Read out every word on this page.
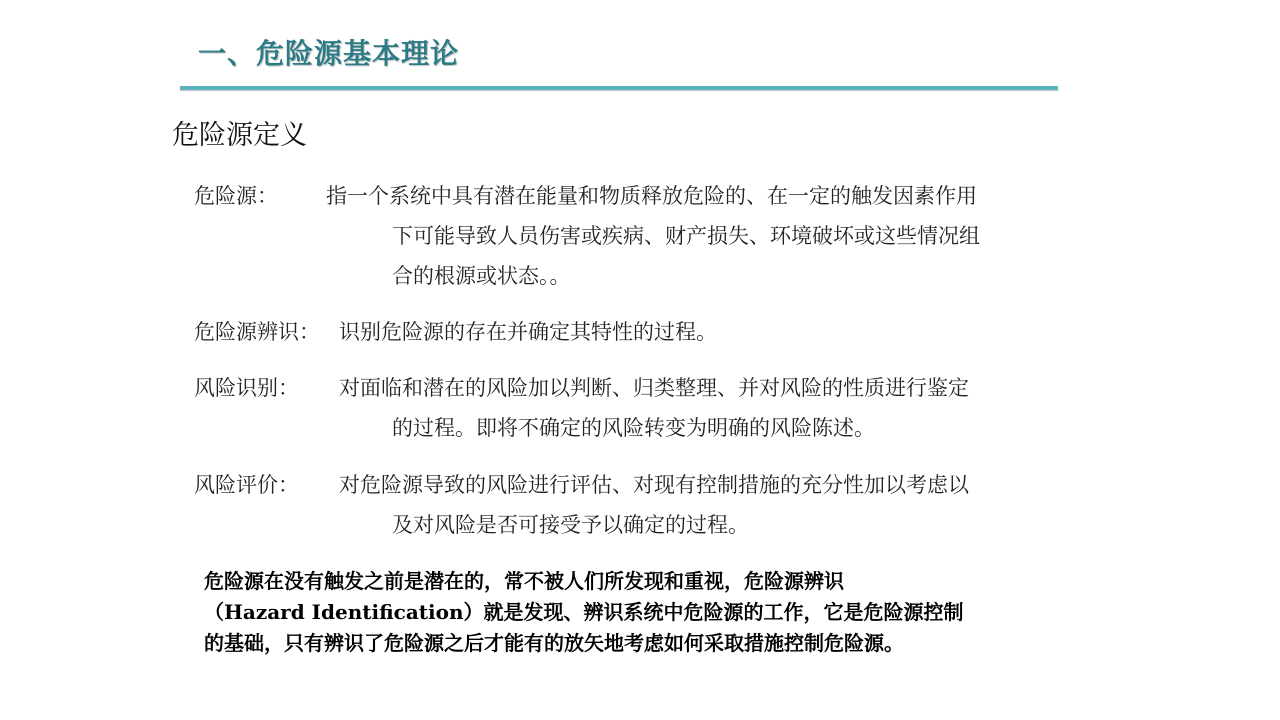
一、危险源基本理论
危险源定义
危险源： 指一个系统中具有潜在能量和物质释放危险的、在一定的触发因素作用
下可能导致人员伤害或疾病、财产损失、环境破坏或这些情况组
合的根源或状态。。
危险源辨识： 识别危险源的存在并确定其特性的过程。
风险识别： 对面临和潜在的风险加以判断、归类整理、并对风险的性质进行鉴定
的过程。即将不确定的风险转变为明确的风险陈述。
风险评价： 对危险源导致的风险进行评估、对现有控制措施的充分性加以考虑以
及对风险是否可接受予以确定的过程。
危险源在没有触发之前是潜在的，常不被人们所发现和重视，危险源辨识
（Hazard Identification）就是发现、辨识系统中危险源的工作，它是危险源控制
的基础，只有辨识了危险源之后才能有的放矢地考虑如何采取措施控制危险源。
